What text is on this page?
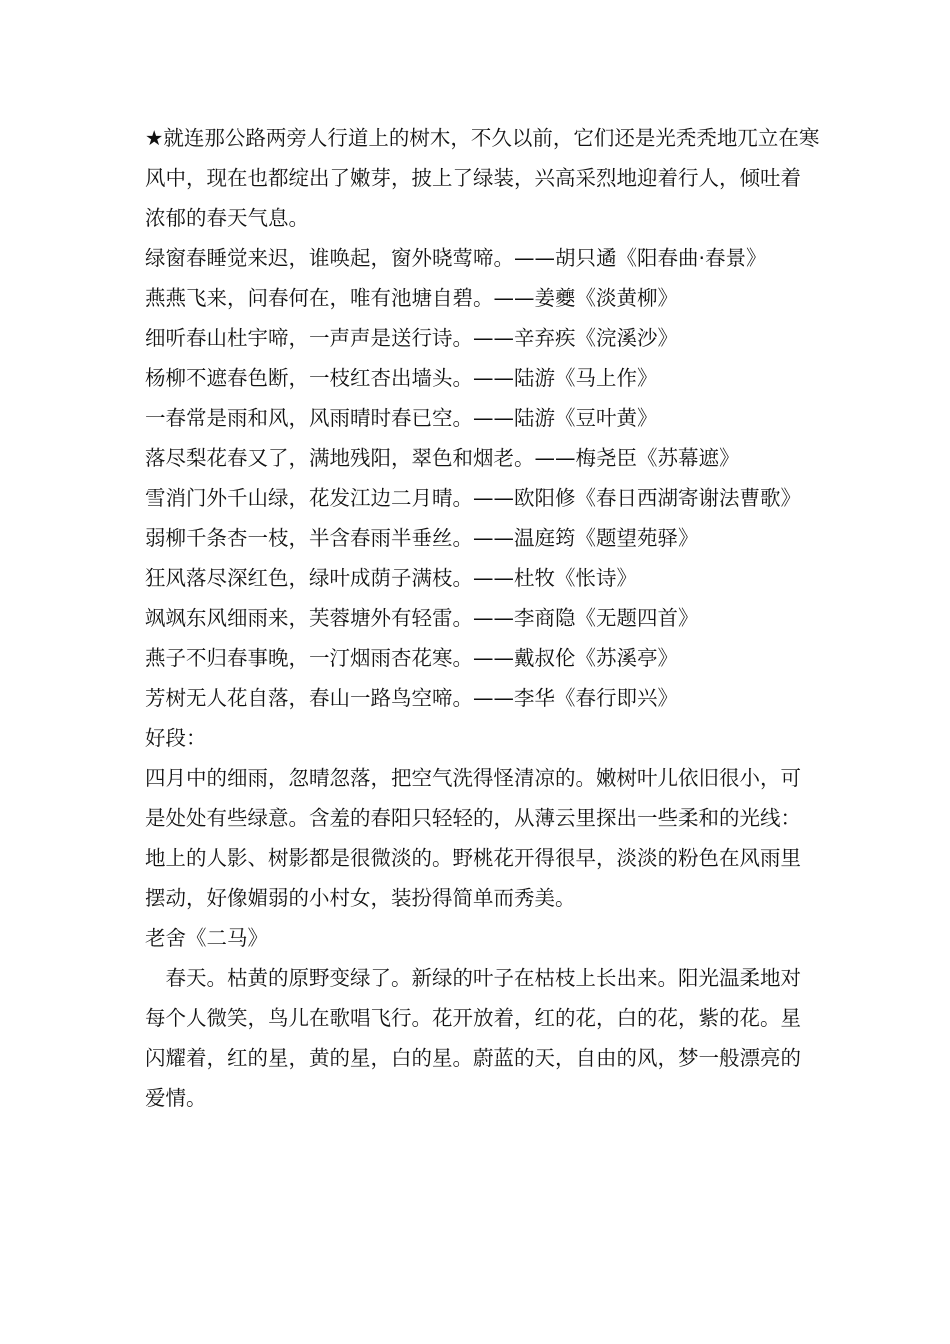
★就连那公路两旁人行道上的树木，不久以前，它们还是光秃秃地兀立在寒风中，现在也都绽出了嫩芽，披上了绿装，兴高采烈地迎着行人，倾吐着浓郁的春天气息。

绿窗春睡觉来迟，谁唤起，窗外晓莺啼。——胡只遹《阳春曲·春景》

燕燕飞来，问春何在，唯有池塘自碧。——姜夔《淡黄柳》

细听春山杜宇啼，一声声是送行诗。——辛弃疾《浣溪沙》

杨柳不遮春色断，一枝红杏出墙头。——陆游《马上作》

一春常是雨和风，风雨晴时春已空。——陆游《豆叶黄》

落尽梨花春又了，满地残阳，翠色和烟老。——梅尧臣《苏幕遮》

雪消门外千山绿，花发江边二月晴。——欧阳修《春日西湖寄谢法曹歌》

弱柳千条杏一枝，半含春雨半垂丝。——温庭筠《题望苑驿》

狂风落尽深红色，绿叶成荫子满枝。——杜牧《怅诗》

飒飒东风细雨来，芙蓉塘外有轻雷。——李商隐《无题四首》

燕子不归春事晚，一汀烟雨杏花寒。——戴叔伦《苏溪亭》

芳树无人花自落，春山一路鸟空啼。——李华《春行即兴》

好段：

四月中的细雨，忽晴忽落，把空气洗得怪清凉的。嫩树叶儿依旧很小，可是处处有些绿意。含羞的春阳只轻轻的，从薄云里探出一些柔和的光线：地上的人影、树影都是很微淡的。野桃花开得很早，淡淡的粉色在风雨里摆动，好像媚弱的小村女，装扮得简单而秀美。

老舍《二马》

春天。枯黄的原野变绿了。新绿的叶子在枯枝上长出来。阳光温柔地对每个人微笑，鸟儿在歌唱飞行。花开放着，红的花，白的花，紫的花。星闪耀着，红的星，黄的星，白的星。蔚蓝的天，自由的风，梦一般漂亮的爱情。
